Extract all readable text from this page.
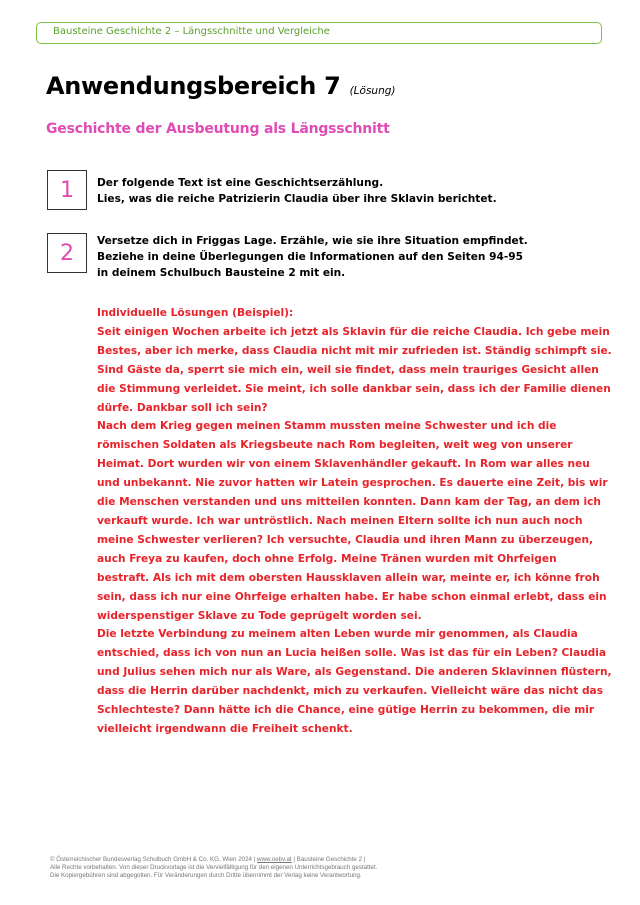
Bausteine Geschichte 2 – Längsschnitte und Vergleiche
Anwendungsbereich 7 (Lösung)
Geschichte der Ausbeutung als Längsschnitt
1	Der folgende Text ist eine Geschichtserzählung.
Lies, was die reiche Patrizierin Claudia über ihre Sklavin berichtet.
2	Versetze dich in Friggas Lage. Erzähle, wie sie ihre Situation empfindet.
Beziehe in deine Überlegungen die Informationen auf den Seiten 94-95
in deinem Schulbuch Bausteine 2 mit ein.
Individuelle Lösungen (Beispiel):
Seit einigen Wochen arbeite ich jetzt als Sklavin für die reiche Claudia. Ich gebe mein
Bestes, aber ich merke, dass Claudia nicht mit mir zufrieden ist. Ständig schimpft sie.
Sind Gäste da, sperrt sie mich ein, weil sie findet, dass mein trauriges Gesicht allen
die Stimmung verleidet. Sie meint, ich solle dankbar sein, dass ich der Familie dienen
dürfe. Dankbar soll ich sein?
Nach dem Krieg gegen meinen Stamm mussten meine Schwester und ich die
römischen Soldaten als Kriegsbeute nach Rom begleiten, weit weg von unserer
Heimat. Dort wurden wir von einem Sklavenhändler gekauft. In Rom war alles neu
und unbekannt. Nie zuvor hatten wir Latein gesprochen. Es dauerte eine Zeit, bis wir
die Menschen verstanden und uns mitteilen konnten. Dann kam der Tag, an dem ich
verkauft wurde. Ich war untröstlich. Nach meinen Eltern sollte ich nun auch noch
meine Schwester verlieren? Ich versuchte, Claudia und ihren Mann zu überzeugen,
auch Freya zu kaufen, doch ohne Erfolg. Meine Tränen wurden mit Ohrfeigen
bestraft. Als ich mit dem obersten Haussklaven allein war, meinte er, ich könne froh
sein, dass ich nur eine Ohrfeige erhalten habe. Er habe schon einmal erlebt, dass ein
widerspenstiger Sklave zu Tode geprügelt worden sei.
Die letzte Verbindung zu meinem alten Leben wurde mir genommen, als Claudia
entschied, dass ich von nun an Lucia heißen solle. Was ist das für ein Leben? Claudia
und Julius sehen mich nur als Ware, als Gegenstand. Die anderen Sklavinnen flüstern,
dass die Herrin darüber nachdenkt, mich zu verkaufen. Vielleicht wäre das nicht das
Schlechteste? Dann hätte ich die Chance, eine gütige Herrin zu bekommen, die mir
vielleicht irgendwann die Freiheit schenkt.
© Österreichischer Bundesverlag Schulbuch GmbH & Co. KG, Wien 2024 | www.oebv.at | Bausteine Geschichte 2 |
Alle Rechte vorbehalten. Von dieser Druckvorlage ist die Vervielfältigung für den eigenen Unterrichtsgebrauch gestattet.
Die Kopiergebühren sind abgegolten. Für Veränderungen durch Dritte übernimmt der Verlag keine Verantwortung.
